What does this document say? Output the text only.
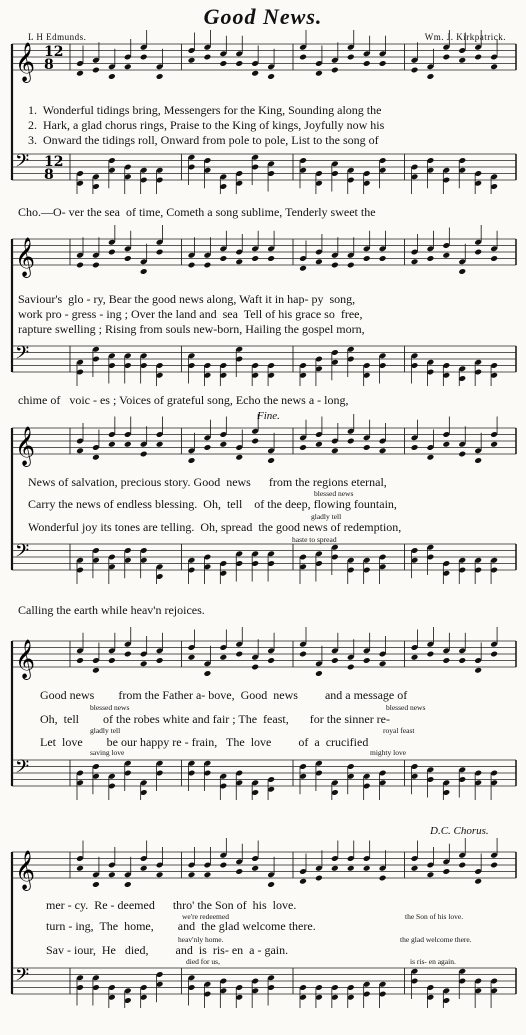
Good News.
L H Edmunds.	Wm. J. Kirkpatrick.
Fine.
D.C. Chorus.
𝄞
𝄢
12
12
8
8
1.  Wonderful tidings bring, Messengers for the King, Sounding along the
2.  Hark, a glad chorus rings, Praise to the King of kings, Joyfully now his
3.  Onward the tidings roll, Onward from pole to pole, List to the song of
Cho.—O- ver the sea  of time, Cometh a song sublime, Tenderly sweet the
𝄞
𝄢
Saviour's  glo - ry, Bear the good news along, Waft it in hap- py  song,
work pro - gress - ing ; Over the land and  sea  Tell of his grace so  free,
rapture swelling ; Rising from souls new-born, Hailing the gospel morn,
chime of   voic - es ; Voices of grateful song, Echo the news a - long,
𝄞
𝄢
News of salvation, precious story. Good  news      from the regions eternal,
Carry the news of endless blessing.  Oh,  tell    of the deep, flowing fountain,
Wonderful joy its tones are telling.  Oh, spread  the good news of redemption,
Calling the earth while heav'n rejoices.
blessed news
gladly tell
haste to spread
𝄞
𝄢
Good news        from the Father a- bove,  Good  news         and a message of
Oh,  tell        of the robes white and fair ; The  feast,       for the sinner re-
Let  love        be our happy re - frain,   The  love         of  a  crucified
blessed news	blessed news
gladly tell	royal feast
saving love	mighty love
𝄞
𝄢
mer - cy.  Re - deemed      thro' the Son of  his  love.
turn - ing,  The  home,        and  the glad welcome there.
Sav - iour,  He   died,         and  is  ris- en  a - gain.
we're redeemed	the Son of his love.
heav'nly home.	the glad welcome there.
died for us,	is ris- en again.
